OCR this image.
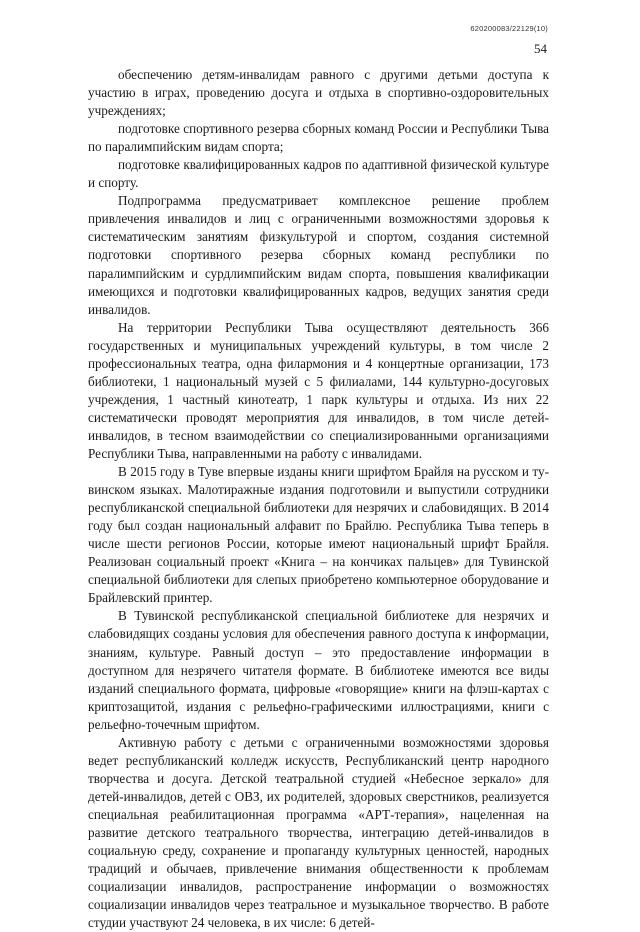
620200083/22129(10)
54

обеспечению детям-инвалидам равного с другими детьми доступа к участию в играх, проведению досуга и отдыха в спортивно-оздоровительных учреждениях;

подготовке спортивного резерва сборных команд России и Республики Тыва по паралимпийским видам спорта;

подготовке квалифицированных кадров по адаптивной физической культуре и спорту.

Подпрограмма предусматривает комплексное решение проблем привлечения инвалидов и лиц с ограниченными возможностями здоровья к систематическим занятиям физкультурой и спортом, создания системной подготовки спортивного резерва сборных команд республики по паралимпийским и сурдлимпийским видам спорта, повышения квалификации имеющихся и подготовки квалифицированных кадров, ведущих занятия среди инвалидов.

На территории Республики Тыва осуществляют деятельность 366 государственных и муниципальных учреждений культуры, в том числе 2 профессиональных театра, одна филармония и 4 концертные организации, 173 библиотеки, 1 национальный музей с 5 филиалами, 144 культурно-досуговых учреждения, 1 частный кинотеатр, 1 парк культуры и отдыха. Из них 22 систематически проводят мероприятия для инвалидов, в том числе детей-инвалидов, в тесном взаимодействии со специализированными организациями Республики Тыва, направленными на работу с инвалидами.

В 2015 году в Туве впервые изданы книги шрифтом Брайля на русском и тувинском языках. Малотиражные издания подготовили и выпустили сотрудники республиканской специальной библиотеки для незрячих и слабовидящих. В 2014 году был создан национальный алфавит по Брайлю. Республика Тыва теперь в числе шести регионов России, которые имеют национальный шрифт Брайля. Реализован социальный проект «Книга – на кончиках пальцев» для Тувинской специальной библиотеки для слепых приобретено компьютерное оборудование и Брайлевский принтер.

В Тувинской республиканской специальной библиотеке для незрячих и слабовидящих созданы условия для обеспечения равного доступа к информации, знаниям, культуре. Равный доступ – это предоставление информации в доступном для незрячего читателя формате. В библиотеке имеются все виды изданий специального формата, цифровые «говорящие» книги на флэш-картах с криптозащитой, издания с рельефно-графическими иллюстрациями, книги с рельефно-точечным шрифтом.

Активную работу с детьми с ограниченными возможностями здоровья ведет республиканский колледж искусств, Республиканский центр народного творчества и досуга. Детской театральной студией «Небесное зеркало» для детей-инвалидов, детей с ОВЗ, их родителей, здоровых сверстников, реализуется специальная реабилитационная программа «АРТ-терапия», нацеленная на развитие детского театрального творчества, интеграцию детей-инвалидов в социальную среду, сохранение и пропаганду культурных ценностей, народных традиций и обычаев, привлечение внимания общественности к проблемам социализации инвалидов, распространение информации о возможностях социализации инвалидов через театральное и музыкальное творчество. В работе студии участвуют 24 человека, в их числе: 6 детей-
